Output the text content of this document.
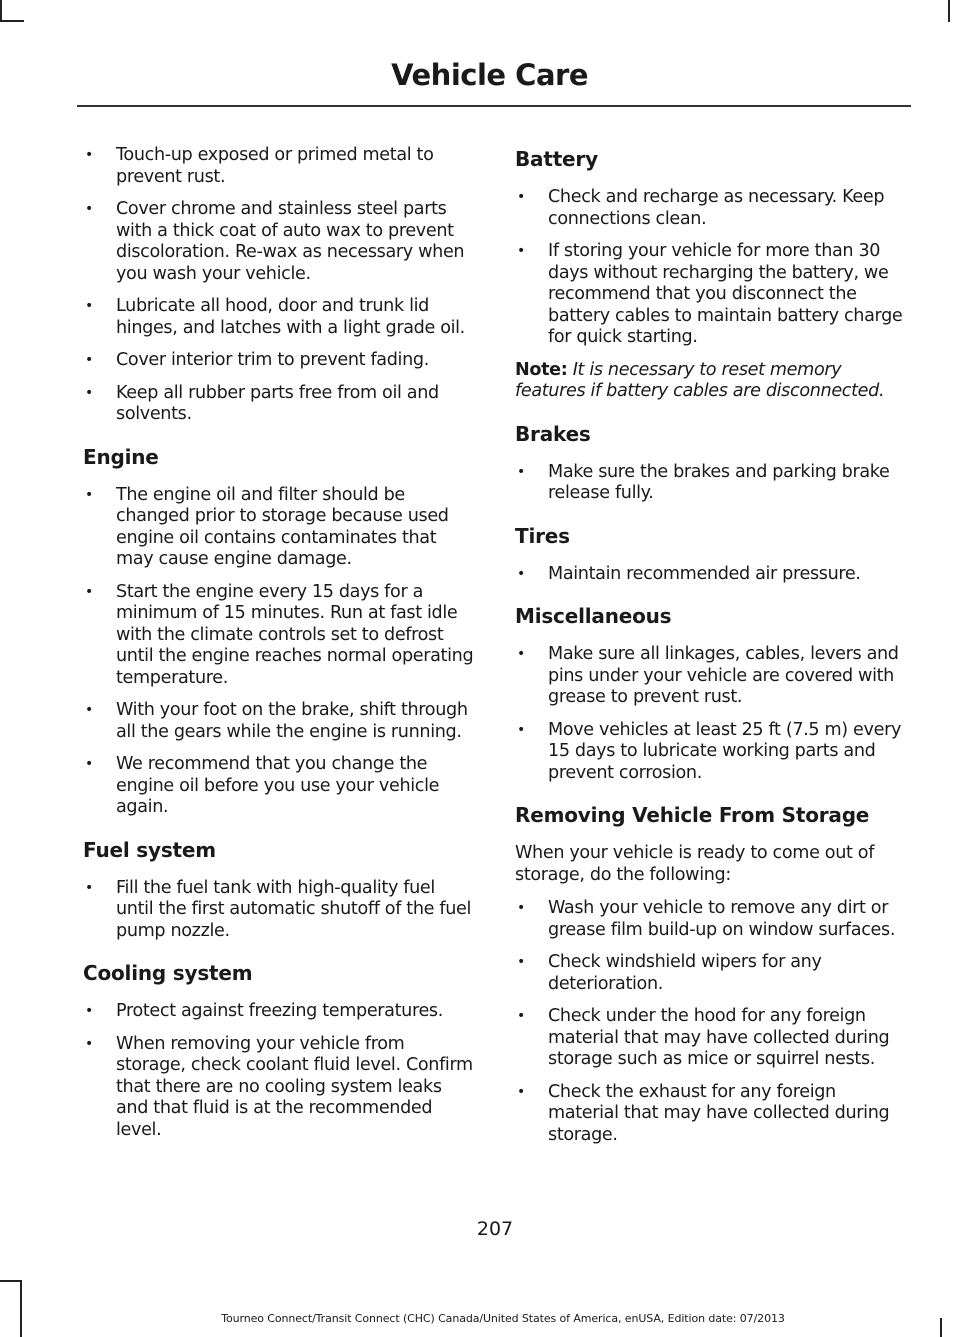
Vehicle Care
• Touch-up exposed or primed metal to prevent rust.
• Cover chrome and stainless steel parts with a thick coat of auto wax to prevent discoloration. Re-wax as necessary when you wash your vehicle.
• Lubricate all hood, door and trunk lid hinges, and latches with a light grade oil.
• Cover interior trim to prevent fading.
• Keep all rubber parts free from oil and solvents.
Engine
• The engine oil and filter should be changed prior to storage because used engine oil contains contaminates that may cause engine damage.
• Start the engine every 15 days for a minimum of 15 minutes. Run at fast idle with the climate controls set to defrost until the engine reaches normal operating temperature.
• With your foot on the brake, shift through all the gears while the engine is running.
• We recommend that you change the engine oil before you use your vehicle again.
Fuel system
• Fill the fuel tank with high-quality fuel until the first automatic shutoff of the fuel pump nozzle.
Cooling system
• Protect against freezing temperatures.
• When removing your vehicle from storage, check coolant fluid level. Confirm that there are no cooling system leaks and that fluid is at the recommended level.
Battery
• Check and recharge as necessary. Keep connections clean.
• If storing your vehicle for more than 30 days without recharging the battery, we recommend that you disconnect the battery cables to maintain battery charge for quick starting.

Note: It is necessary to reset memory features if battery cables are disconnected.

Brakes
• Make sure the brakes and parking brake release fully.
Tires
• Maintain recommended air pressure.
Miscellaneous
• Make sure all linkages, cables, levers and pins under your vehicle are covered with grease to prevent rust.
• Move vehicles at least 25 ft (7.5 m) every 15 days to lubricate working parts and prevent corrosion.
Removing Vehicle From Storage

When your vehicle is ready to come out of storage, do the following:

• Wash your vehicle to remove any dirt or grease film build-up on window surfaces.
• Check windshield wipers for any deterioration.
• Check under the hood for any foreign material that may have collected during storage such as mice or squirrel nests.
• Check the exhaust for any foreign material that may have collected during storage.

207

Tourneo Connect/Transit Connect (CHC) Canada/United States of America, enUSA, Edition date: 07/2013
